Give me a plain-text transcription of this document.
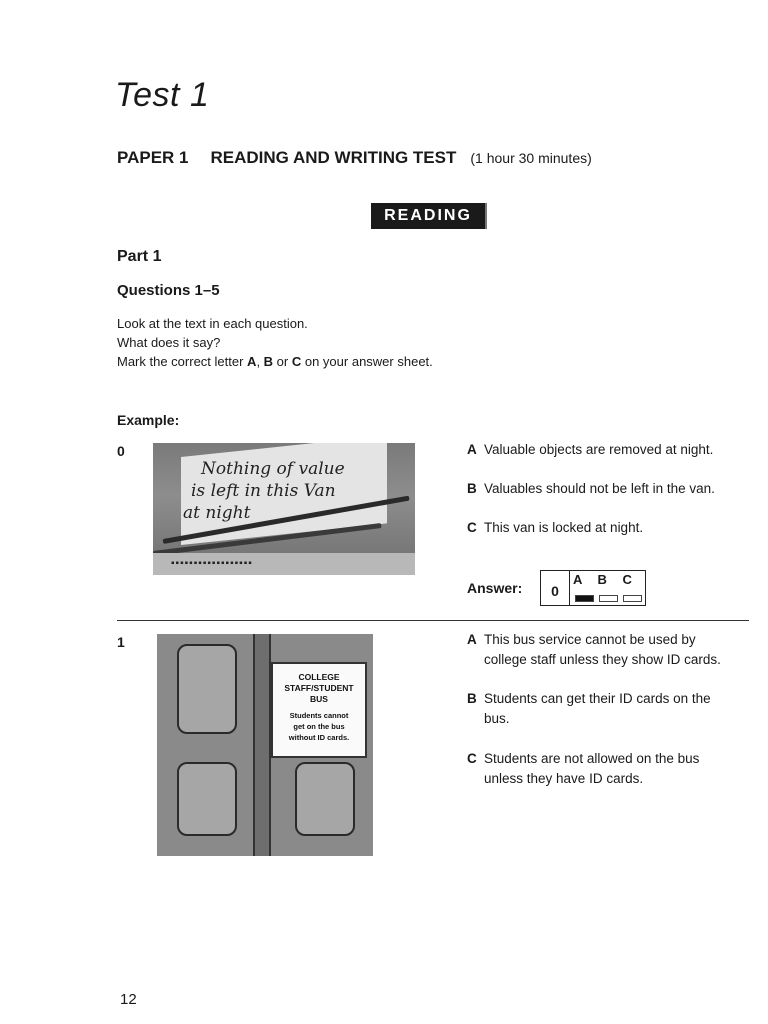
Test 1
PAPER 1 READING AND WRITING TEST (1 hour 30 minutes)
READING
Part 1
Questions 1–5
Look at the text in each question.
What does it say?
Mark the correct letter A, B or C on your answer sheet.
Example:
0
Nothing of value
is left in this Van
at night
▪▪▪▪▪▪▪▪▪▪▪▪▪▪▪▪▪▪
A Valuable objects are removed at night.
B Valuables should not be left in the van.
C This van is locked at night.
Answer:	0
A B C
1
COLLEGE
STAFF/STUDENT
BUS
Students cannot
get on the bus
without ID cards.
A This bus service cannot be used by
college staff unless they show ID cards.
B Students can get their ID cards on the
bus.
C Students are not allowed on the bus
unless they have ID cards.
12
